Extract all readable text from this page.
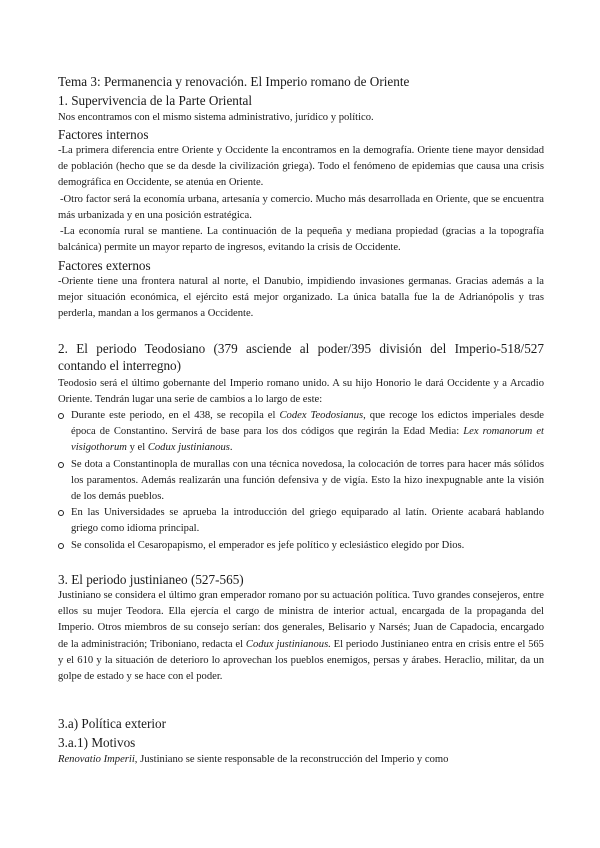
Tema 3: Permanencia y renovación. El Imperio romano de Oriente
1. Supervivencia de la Parte Oriental
Nos encontramos con el mismo sistema administrativo, jurídico y político.
Factores internos
-La primera diferencia entre Oriente y Occidente la encontramos en la demografía. Oriente tiene mayor densidad de población (hecho que se da desde la civilización griega). Todo el fenómeno de epidemias que causa una crisis demográfica en Occidente, se atenúa en Oriente.
-Otro factor será la economía urbana, artesanía y comercio. Mucho más desarrollada en Oriente, que se encuentra más urbanizada y en una posición estratégica.
-La economía rural se mantiene. La continuación de la pequeña y mediana propiedad (gracias a la topografía balcánica) permite un mayor reparto de ingresos, evitando la crisis de Occidente.
Factores externos
-Oriente tiene una frontera natural al norte, el Danubio, impidiendo invasiones germanas. Gracias además a la mejor situación económica, el ejército está mejor organizado. La única batalla fue la de Adrianópolis y tras perderla, mandan a los germanos a Occidente.
2. El periodo Teodosiano (379 asciende al poder/395 división del Imperio-518/527 contando el interregno)
Teodosio será el último gobernante del Imperio romano unido. A su hijo Honorio le dará Occidente y a Arcadio Oriente. Tendrán lugar una serie de cambios a lo largo de este:
Durante este periodo, en el 438, se recopila el Codex Teodosianus, que recoge los edictos imperiales desde época de Constantino. Servirá de base para los dos códigos que regirán la Edad Media: Lex romanorum et visigothorum y el Codux justinianous.
Se dota a Constantinopla de murallas con una técnica novedosa, la colocación de torres para hacer más sólidos los paramentos. Además realizarán una función defensiva y de vigía. Esto la hizo inexpugnable ante la visión de los demás pueblos.
En las Universidades se aprueba la introducción del griego equiparado al latín. Oriente acabará hablando griego como idioma principal.
Se consolida el Cesaropapismo, el emperador es jefe político y eclesiástico elegido por Dios.
3. El periodo justinianeo (527-565)
Justiniano se considera el último gran emperador romano por su actuación política. Tuvo grandes consejeros, entre ellos su mujer Teodora. Ella ejercía el cargo de ministra de interior actual, encargada de la propaganda del Imperio. Otros miembros de su consejo serían: dos generales, Belisario y Narsés; Juan de Capadocia, encargado de la administración; Triboniano, redacta el Codux justinianous. El periodo Justinianeo entra en crisis entre el 565 y el 610 y la situación de deterioro lo aprovechan los pueblos enemigos, persas y árabes. Heraclio, militar, da un golpe de estado y se hace con el poder.
3.a) Política exterior
3.a.1) Motivos
Renovatio Imperii, Justiniano se siente responsable de la reconstrucción del Imperio y como
